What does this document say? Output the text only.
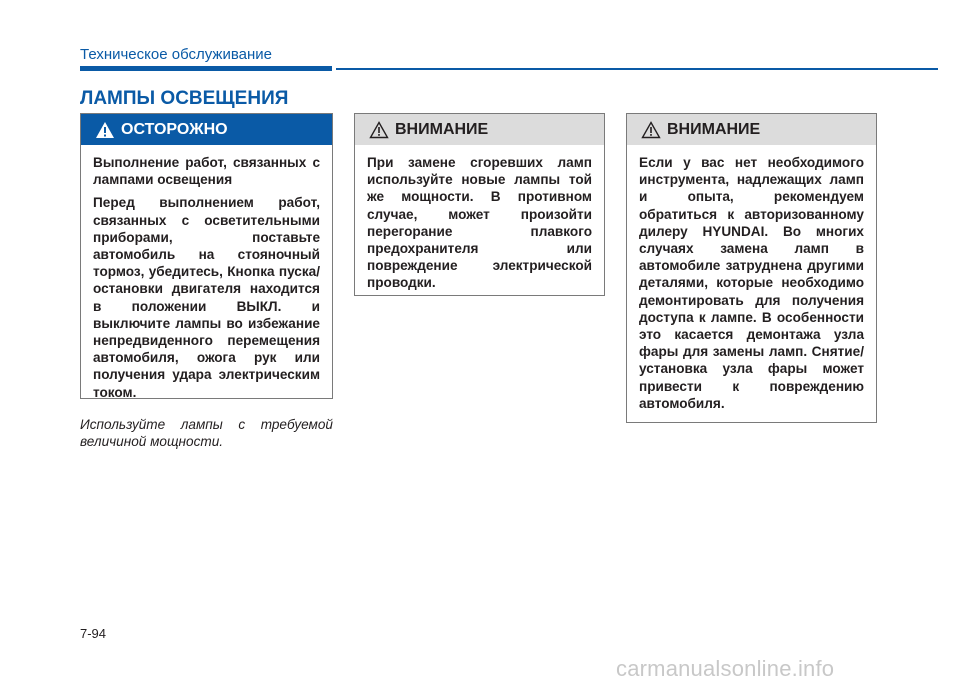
Техническое обслуживание
ЛАМПЫ ОСВЕЩЕНИЯ
ОСТОРОЖНО

Выполнение работ, связанных с лампами освещения

Перед выполнением работ, связанных с осветительными приборами, поставьте автомобиль на стояночный тормоз, убедитесь, Кнопка пуска/остановки двигателя находится в положении ВЫКЛ. и выключите лампы во избежание непредвиденного перемещения автомобиля, ожога рук или получения удара электрическим током.

ВНИМАНИЕ

При замене сгоревших ламп используйте новые лампы той же мощности. В противном случае, может произойти перегорание плавкого предохранителя или повреждение электрической проводки.

ВНИМАНИЕ

Если у вас нет необходимого инструмента, надлежащих ламп и опыта, рекомендуем обратиться к авторизованному дилеру HYUNDAI. Во многих случаях замена ламп в автомобиле затруднена другими деталями, которые необходимо демонтировать для получения доступа к лампе. В особенности это касается демонтажа узла фары для замены ламп. Снятие/установка узла фары может привести к повреждению автомобиля.

Используйте лампы с требуемой величиной мощности.
7-94
carmanualsonline.info
